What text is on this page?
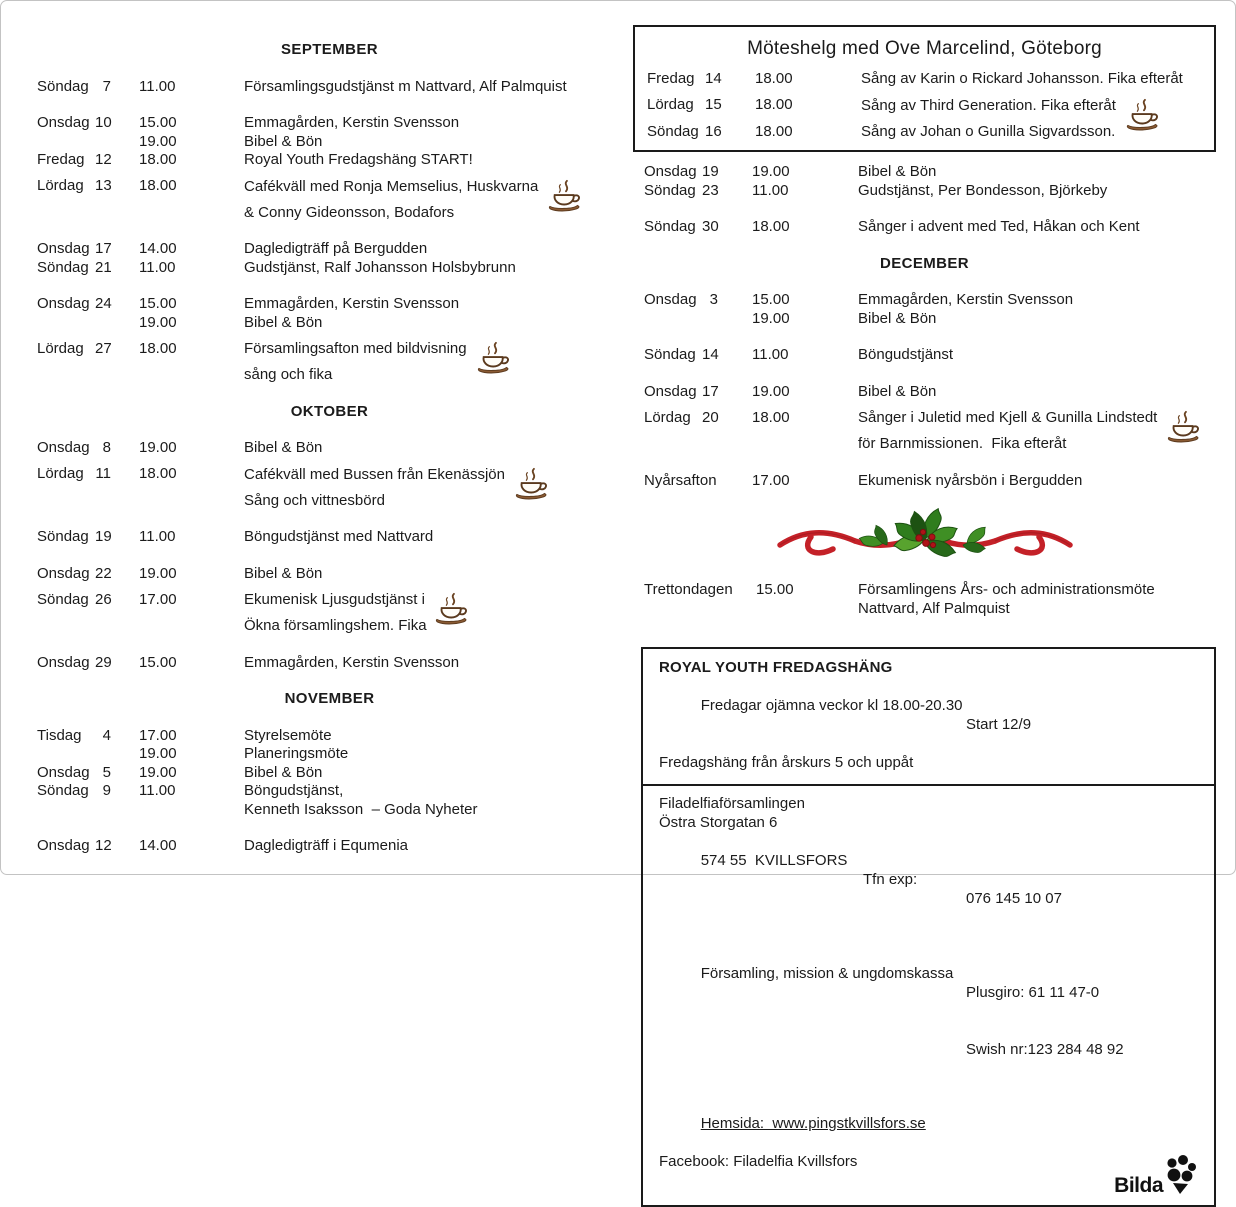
SEPTEMBER
Söndag 7 11.00	Församlingsgudstjänst m Nattvard, Alf Palmquist
Onsdag 10 15.00	Emmagården, Kerstin Svensson
19.00	Bibel & Bön
Fredag 12 18.00	Royal Youth Fredagshäng START!
Lördag 13 18.00	Cafékväll med Ronja Memselius, Huskvarna
& Conny Gideonsson, Bodafors
Onsdag 17 14.00	Dagledigträff på Bergudden
Söndag 21 11.00	Gudstjänst, Ralf Johansson Holsbybrunn
Onsdag 24 15.00	Emmagården, Kerstin Svensson
19.00	Bibel & Bön
Lördag 27 18.00	Församlingsafton med bildvisning
sång och fika
OKTOBER
Onsdag 8 19.00	Bibel & Bön
Lördag 11 18.00	Cafékväll med Bussen från Ekenässjön
Sång och vittnesbörd
Söndag 19 11.00	Böngudstjänst med Nattvard
Onsdag 22 19.00	Bibel & Bön
Söndag 26 17.00	Ekumenisk Ljusgudstjänst i
Ökna församlingshem. Fika
Onsdag 29 15.00	Emmagården, Kerstin Svensson
NOVEMBER
Tisdag	4 17.00	Styrelsemöte
19.00	Planeringsmöte
Onsdag 5 19.00	Bibel & Bön
Söndag 9 11.00	Böngudstjänst,
Kenneth Isaksson  – Goda Nyheter
Onsdag 12 14.00	Dagledigträff i Equmenia
Möteshelg med Ove Marcelind, Göteborg
Fredag 14 18.00	Sång av Karin o Rickard Johansson. Fika efteråt
Lördag 15 18.00	Sång av Third Generation. Fika efteråt
Söndag 16 18.00	Sång av Johan o Gunilla Sigvardsson.
Onsdag 19 19.00	Bibel & Bön
Söndag 23 11.00	Gudstjänst, Per Bondesson, Björkeby
Söndag 30 18.00	Sånger i advent med Ted, Håkan och Kent
DECEMBER
Onsdag 3 15.00	Emmagården, Kerstin Svensson
19.00	Bibel & Bön
Söndag 14 11.00	Böngudstjänst
Onsdag 17 19.00	Bibel & Bön
Lördag 20 18.00	Sånger i Juletid med Kjell & Gunilla Lindstedt
för Barnmissionen.  Fika efteråt
Nyårsafton 17.00	Ekumenisk nyårsbön i Bergudden
Trettondagen	15.00	Församlingens Års- och administrationsmöte
Nattvard, Alf Palmquist
ROYAL YOUTH FREDAGSHÄNG

Fredagar ojämna veckor kl 18.00-20.30

Start 12/9

Fredagshäng från årskurs 5 och uppåt
Filadelfiaförsamlingen
Östra Storgatan 6

574 55  KVILLSFORS

Tfn exp:

076 145 10 07

Församling, mission & ungdomskassa

Plusgiro: 61 11 47-0

Swish nr:123 284 48 92

Hemsida:  www.pingstkvillsfors.se

Facebook: Filadelfia Kvillsfors
Bilda
